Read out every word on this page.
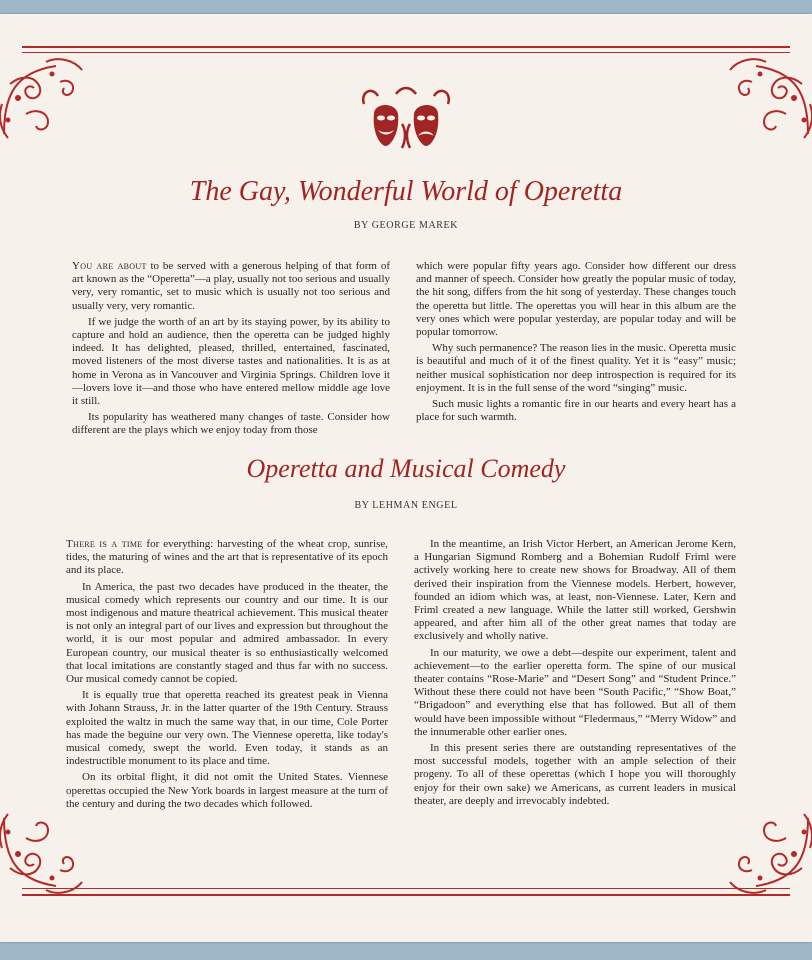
The Gay, Wonderful World of Operetta
BY GEORGE MAREK

You are about to be served with a generous helping of that form of art known as the “Operetta”—a play, usually not too serious and usually very, very romantic, set to music which is usually not too serious and usually very, very romantic.

If we judge the worth of an art by its staying power, by its ability to capture and hold an audience, then the operetta can be judged highly indeed. It has delighted, pleased, thrilled, entertained, fascinated, moved listeners of the most diverse tastes and nationalities. It is as at home in Verona as in Vancouver and Virginia Springs. Children love it—lovers love it—and those who have entered mellow middle age love it still.

Its popularity has weathered many changes of taste. Consider how different are the plays which we enjoy today from those

which were popular fifty years ago. Consider how different our dress and manner of speech. Consider how greatly the popular music of today, the hit song, differs from the hit song of yesterday. These changes touch the operetta but little. The operettas you will hear in this album are the very ones which were popular yesterday, are popular today and will be popular tomorrow.

Why such permanence? The reason lies in the music. Operetta music is beautiful and much of it of the finest quality. Yet it is “easy” music; neither musical sophistication nor deep introspection is required for its enjoyment. It is in the full sense of the word “singing” music.

Such music lights a romantic fire in our hearts and every heart has a place for such warmth.

Operetta and Musical Comedy
BY LEHMAN ENGEL

There is a time for everything: harvesting of the wheat crop, sunrise, tides, the maturing of wines and the art that is representative of its epoch and its place.

In America, the past two decades have produced in the theater, the musical comedy which represents our country and our time. It is our most indigenous and mature theatrical achievement. This musical theater is not only an integral part of our lives and expression but throughout the world, it is our most popular and admired ambassador. In every European country, our musical theater is so enthusiastically welcomed that local imitations are constantly staged and thus far with no success. Our musical comedy cannot be copied.

It is equally true that operetta reached its greatest peak in Vienna with Johann Strauss, Jr. in the latter quarter of the 19th Century. Strauss exploited the waltz in much the same way that, in our time, Cole Porter has made the beguine our very own. The Viennese operetta, like today's musical comedy, swept the world. Even today, it stands as an indestructible monument to its place and time.

On its orbital flight, it did not omit the United States. Viennese operettas occupied the New York boards in largest measure at the turn of the century and during the two decades which followed.

In the meantime, an Irish Victor Herbert, an American Jerome Kern, a Hungarian Sigmund Romberg and a Bohemian Rudolf Friml were actively working here to create new shows for Broadway. All of them derived their inspiration from the Viennese models. Herbert, however, founded an idiom which was, at least, non-Viennese. Later, Kern and Friml created a new language. While the latter still worked, Gershwin appeared, and after him all of the other great names that today are exclusively and wholly native.

In our maturity, we owe a debt—despite our experiment, talent and achievement—to the earlier operetta form. The spine of our musical theater contains “Rose-Marie” and “Desert Song” and “Student Prince.” Without these there could not have been “South Pacific,” “Show Boat,” “Brigadoon” and everything else that has followed. But all of them would have been impossible without “Fledermaus,” “Merry Widow” and the innumerable other earlier ones.

In this present series there are outstanding representatives of the most successful models, together with an ample selection of their progeny. To all of these operettas (which I hope you will thoroughly enjoy for their own sake) we Americans, as current leaders in musical theater, are deeply and irrevocably indebted.
